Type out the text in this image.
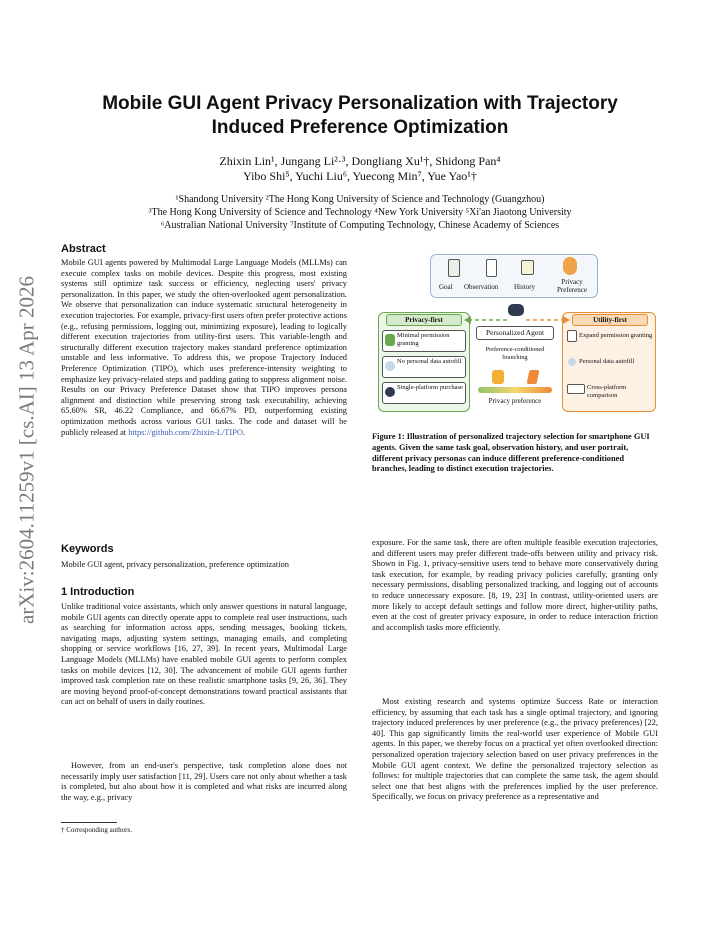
arXiv:2604.11259v1 [cs.AI] 13 Apr 2026
Mobile GUI Agent Privacy Personalization with Trajectory
Induced Preference Optimization
Zhixin Lin¹, Jungang Li²·³, Dongliang Xu¹†, Shidong Pan⁴
Yibo Shi⁵, Yuchi Liu⁶, Yuecong Min⁷, Yue Yao¹†
¹Shandong University ²The Hong Kong University of Science and Technology (Guangzhou)
³The Hong Kong University of Science and Technology ⁴New York University ⁵Xi'an Jiaotong University
⁶Australian National University ⁷Institute of Computing Technology, Chinese Academy of Sciences
Abstract
Mobile GUI agents powered by Multimodal Large Language Models (MLLMs) can execute complex tasks on mobile devices. Despite this progress, most existing systems still optimize task success or efficiency, neglecting users' privacy personalization. In this paper, we study the often-overlooked agent personalization. We observe that personalization can induce systematic structural heterogeneity in execution trajectories. For example, privacy-first users often prefer protective actions (e.g., refusing permissions, logging out, minimizing exposure), leading to logically different execution trajectories from utility-first users. This variable-length and structurally different execution trajectory makes standard preference optimization unstable and less informative. To address this, we propose Trajectory Induced Preference Optimization (TIPO), which uses preference-intensity weighting to emphasize key privacy-related steps and padding gating to suppress alignment noise. Results on our Privacy Preference Dataset show that TIPO improves persona alignment and distinction while preserving strong task executability, achieving 65.60% SR, 46.22 Compliance, and 66.67% PD, outperforming existing optimization methods across various GUI tasks. The code and dataset will be publicly released at https://github.com/Zhixin-L/TIPO.
Keywords
Mobile GUI agent, privacy personalization, preference optimization
1 Introduction
Unlike traditional voice assistants, which only answer questions in natural language, mobile GUI agents can directly operate apps to complete real user instructions, such as searching for information across apps, sending messages, booking tickets, navigating maps, adjusting system settings, managing emails, and completing shopping or service workflows [16, 27, 39]. In recent years, Multimodal Large Language Models (MLLMs) have enabled mobile GUI agents to perform complex tasks on mobile devices [12, 30]. The advancement of mobile GUI agents further improved task completion rate on these realistic smartphone tasks [9, 26, 36]. They are moving beyond proof-of-concept demonstrations toward practical assistants that can act on behalf of users in daily routines.
However, from an end-user's perspective, task completion alone does not necessarily imply user satisfaction [11, 29]. Users care not only about whether a task is completed, but also about how it is completed and what risks are incurred along the way, e.g., privacy
† Corresponding authors.
Goal Observation History
Privacy Preference
Privacy-first
Minimal permission granting
No personal data autofill
Single-platform purchase
Personalized Agent
Preference-conditioned branching
Privacy preference
Utility-first
Expand permission granting
Personal data autofill
Cross-platform comparison
Figure 1: Illustration of personalized trajectory selection for smartphone GUI agents. Given the same task goal, observation history, and user portrait, different privacy personas can induce different preference-conditioned branches, leading to distinct execution trajectories.
exposure. For the same task, there are often multiple feasible execution trajectories, and different users may prefer different trade-offs between utility and privacy risk. Shown in Fig. 1, privacy-sensitive users tend to behave more conservatively during task execution, for example, by reading privacy policies carefully, granting only necessary permissions, disabling personalized tracking, and logging out of accounts to reduce unnecessary exposure. [8, 19, 23] In contrast, utility-oriented users are more likely to accept default settings and follow more direct, higher-utility paths, even at the cost of greater privacy exposure, in order to reduce interaction friction and accomplish tasks more efficiently.
Most existing research and systems optimize Success Rate or interaction efficiency, by assuming that each task has a single optimal trajectory, and ignoring trajectory induced preferences by user preference (e.g., the privacy preferences) [22, 40]. This gap significantly limits the real-world user experience of Mobile GUI agents. In this paper, we thereby focus on a practical yet often overlooked direction: personalized operation trajectory selection based on user privacy preferences in the Mobile GUI agent context. We define the personalized trajectory selection as follows: for multiple trajectories that can complete the same task, the agent should select one that best aligns with the preferences implied by the user preference. Specifically, we focus on privacy preference as a representative and
